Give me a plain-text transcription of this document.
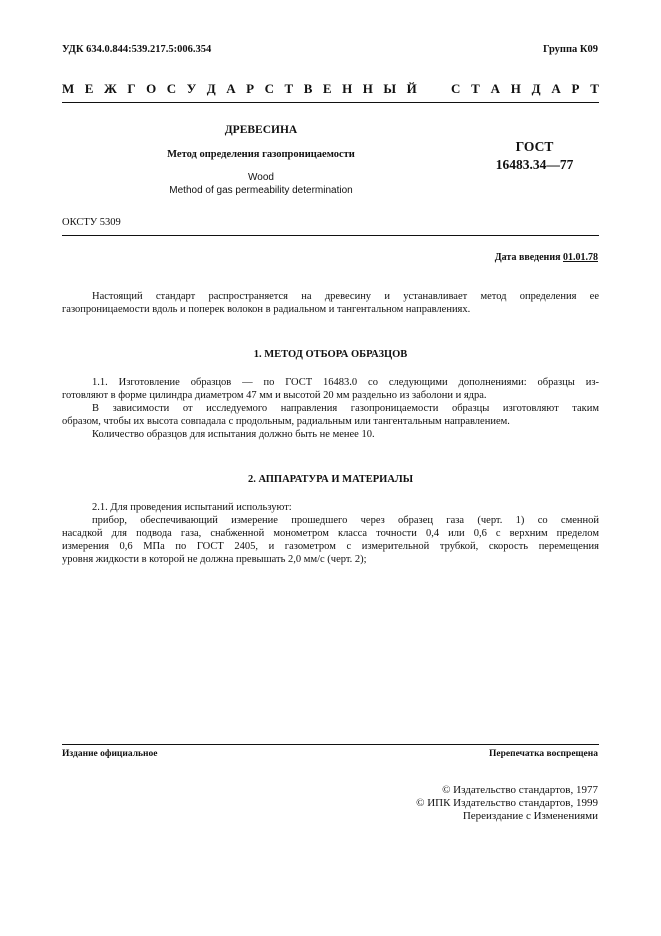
УДК 634.0.844:539.217.5:006.354	Группа К09
М Е Ж Г О С У Д А Р С Т В Е Н Н Ы Й	С Т А Н Д А Р Т
ДРЕВЕСИНА
Метод определения газопроницаемости
Wood
Method of gas permeability determination
ГОСТ
16483.34—77
ОКСТУ 5309
Дата введения 01.01.78
Настоящий стандарт распространяется на древесину и устанавливает метод определения ее
газопроницаемости вдоль и поперек волокон в радиальном и тангентальном направлениях.
1. МЕТОД ОТБОРА ОБРАЗЦОВ
1.1. Изготовление образцов — по ГОСТ 16483.0 со следующими дополнениями: образцы из-
готовляют в форме цилиндра диаметром 47 мм и высотой 20 мм раздельно из заболони и ядра.
В зависимости от исследуемого направления газопроницаемости образцы изготовляют таким
образом, чтобы их высота совпадала с продольным, радиальным или тангентальным направлением.
Количество образцов для испытания должно быть не менее 10.
2. АППАРАТУРА И МАТЕРИАЛЫ
2.1. Для проведения испытаний используют:
прибор, обеспечивающий измерение прошедшего через образец газа (черт. 1) со сменной
насадкой для подвода газа, снабженной монометром класса точности 0,4 или 0,6 с верхним пределом
измерения 0,6 МПа по ГОСТ 2405, и газометром с измерительной трубкой, скорость перемещения
уровня жидкости в которой не должна превышать 2,0 мм/с (черт. 2);
Издание официальное	Перепечатка воспрещена
© Издательство стандартов, 1977
© ИПК Издательство стандартов, 1999
Переиздание с Изменениями
